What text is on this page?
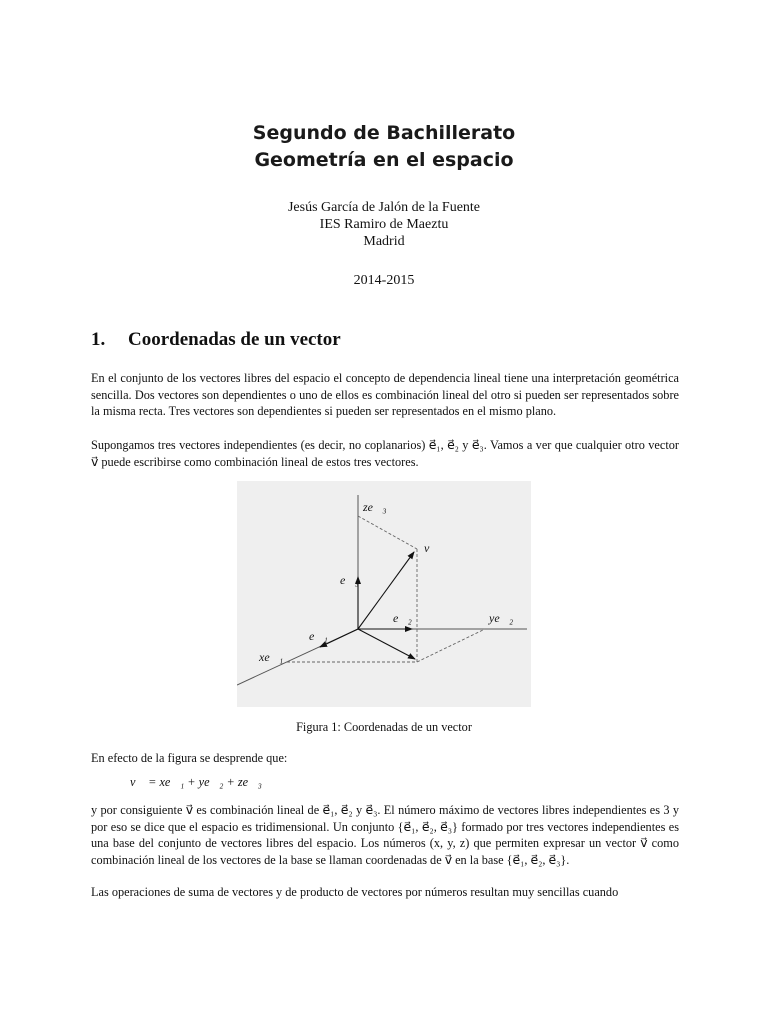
Segundo de Bachillerato
Geometría en el espacio
Jesús García de Jalón de la Fuente
IES Ramiro de Maeztu
Madrid
2014-2015
1. Coordenadas de un vector
En el conjunto de los vectores libres del espacio el concepto de dependencia lineal tiene una interpretación geométrica sencilla. Dos vectores son dependientes o uno de ellos es combinación lineal del otro si pueden ser representados sobre la misma recta. Tres vectores son dependientes si pueden ser representados en el mismo plano.
Supongamos tres vectores independientes (es decir, no coplanarios) e⃗₁, e⃗₂ y e⃗₃. Vamos a ver que cualquier otro vector v⃗ puede escribirse como combinación lineal de estos tres vectores.
ze⃗₃
v⃗
e⃗₃
e⃗₂	ye⃗₂
e⃗₁
xe⃗₁
Figura 1: Coordenadas de un vector
En efecto de la figura se desprende que:
v⃗ = xe⃗₁ + ye⃗₂ + ze⃗₃
y por consiguiente v⃗ es combinación lineal de e⃗₁, e⃗₂ y e⃗₃. El número máximo de vectores libres independientes es 3 y por eso se dice que el espacio es tridimensional. Un conjunto {e⃗₁, e⃗₂, e⃗₃} formado por tres vectores independientes es una base del conjunto de vectores libres del espacio. Los números (x, y, z) que permiten expresar un vector v⃗ como combinación lineal de los vectores de la base se llaman coordenadas de v⃗ en la base {e⃗₁, e⃗₂, e⃗₃}.
Las operaciones de suma de vectores y de producto de vectores por números resultan muy sencillas cuando
